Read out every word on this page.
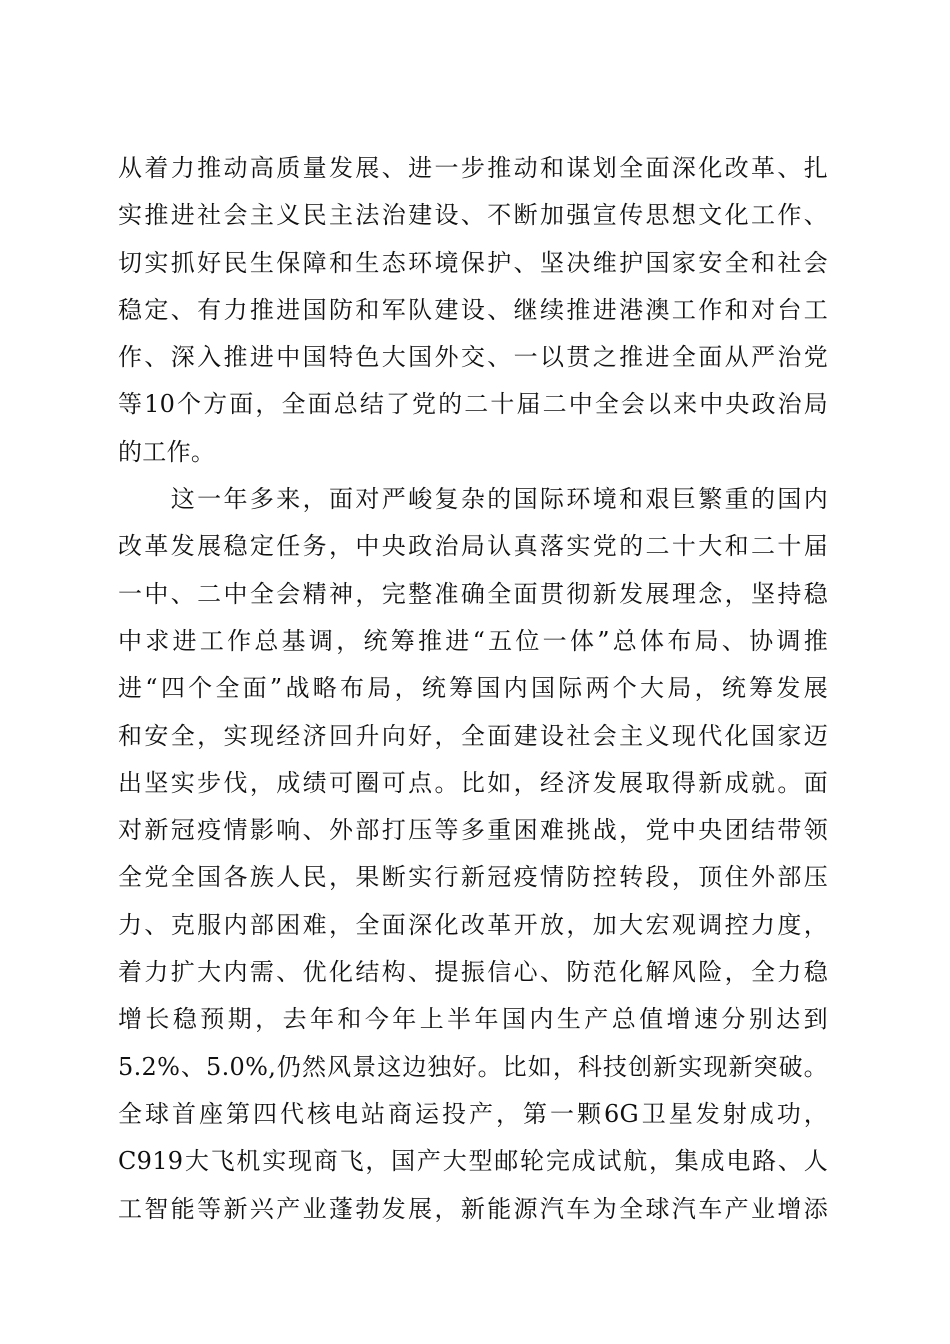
从着力推动高质量发展、进一步推动和谋划全面深化改革、扎
实推进社会主义民主法治建设、不断加强宣传思想文化工作、
切实抓好民生保障和生态环境保护、坚决维护国家安全和社会
稳定、有力推进国防和军队建设、继续推进港澳工作和对台工
作、深入推进中国特色大国外交、一以贯之推进全面从严治党
等10个方面，全面总结了党的二十届二中全会以来中央政治局
的工作。
　　这一年多来，面对严峻复杂的国际环境和艰巨繁重的国内
改革发展稳定任务，中央政治局认真落实党的二十大和二十届
一中、二中全会精神，完整准确全面贯彻新发展理念，坚持稳
中求进工作总基调，统筹推进“五位一体”总体布局、协调推
进“四个全面”战略布局，统筹国内国际两个大局，统筹发展
和安全，实现经济回升向好，全面建设社会主义现代化国家迈
出坚实步伐，成绩可圈可点。比如，经济发展取得新成就。面
对新冠疫情影响、外部打压等多重困难挑战，党中央团结带领
全党全国各族人民，果断实行新冠疫情防控转段，顶住外部压
力、克服内部困难，全面深化改革开放，加大宏观调控力度，
着力扩大内需、优化结构、提振信心、防范化解风险，全力稳
增长稳预期，去年和今年上半年国内生产总值增速分别达到
5.2%、5.0%,仍然风景这边独好。比如，科技创新实现新突破。
全球首座第四代核电站商运投产，第一颗6G卫星发射成功，
C919大飞机实现商飞，国产大型邮轮完成试航，集成电路、人
工智能等新兴产业蓬勃发展，新能源汽车为全球汽车产业增添
